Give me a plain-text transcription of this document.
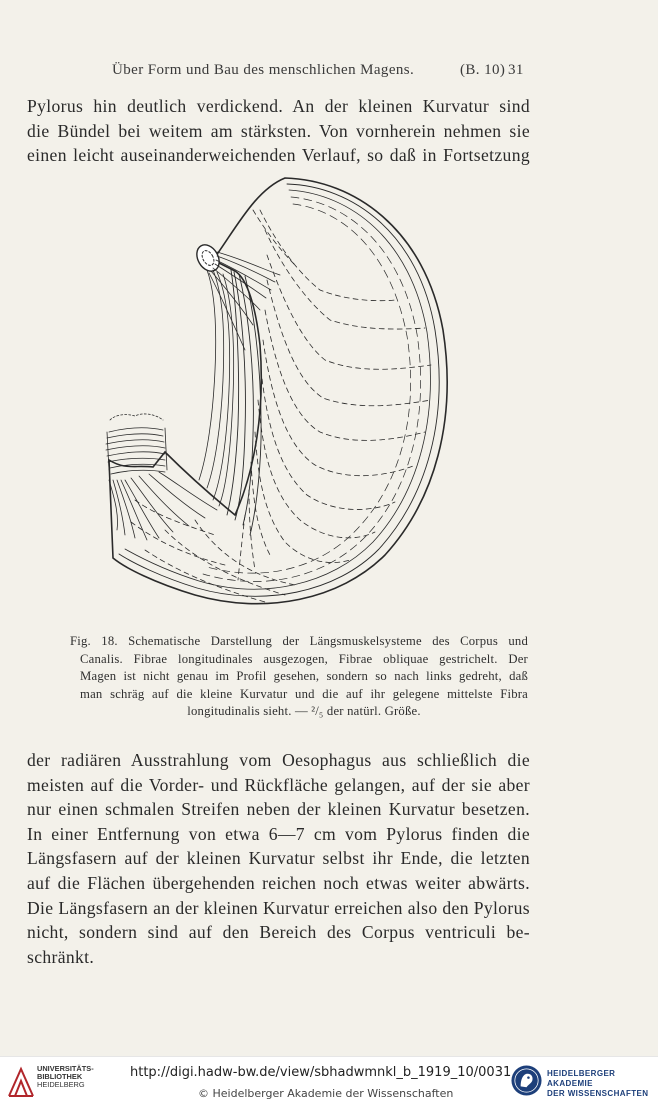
Über Form und Bau des menschlichen Magens.	(B. 10) 31
Pylorus hin deutlich verdickend. An der kleinen Kurvatur sind
die Bündel bei weitem am stärksten. Von vornherein nehmen sie
einen leicht auseinanderweichenden Verlauf, so daß in Fortsetzung
Fig. 18. Schematische Darstellung der Längsmuskelsysteme des Corpus und
Canalis. Fibrae longitudinales ausgezogen, Fibrae obliquae gestrichelt. Der
Magen ist nicht genau im Profil gesehen, sondern so nach links gedreht, daß
man schräg auf die kleine Kurvatur und die auf ihr gelegene mittelste Fibra
longitudinalis sieht. — ²/₅ der natürl. Größe.
der radiären Ausstrahlung vom Oesophagus aus schließlich die
meisten auf die Vorder- und Rückfläche gelangen, auf der sie aber
nur einen schmalen Streifen neben der kleinen Kurvatur besetzen.
In einer Entfernung von etwa 6—7 cm vom Pylorus finden die
Längsfasern auf der kleinen Kurvatur selbst ihr Ende, die letzten
auf die Flächen übergehenden reichen noch etwas weiter abwärts.
Die Längsfasern an der kleinen Kurvatur erreichen also den Pylorus
nicht, sondern sind auf den Bereich des Corpus ventriculi be-
schränkt.
UNIVERSITÄTS-
BIBLIOTHEK
HEIDELBERG
http://digi.hadw-bw.de/view/sbhadwmnkl_b_1919_10/0031
© Heidelberger Akademie der Wissenschaften
HEIDELBERGER AKADEMIE
DER WISSENSCHAFTEN
